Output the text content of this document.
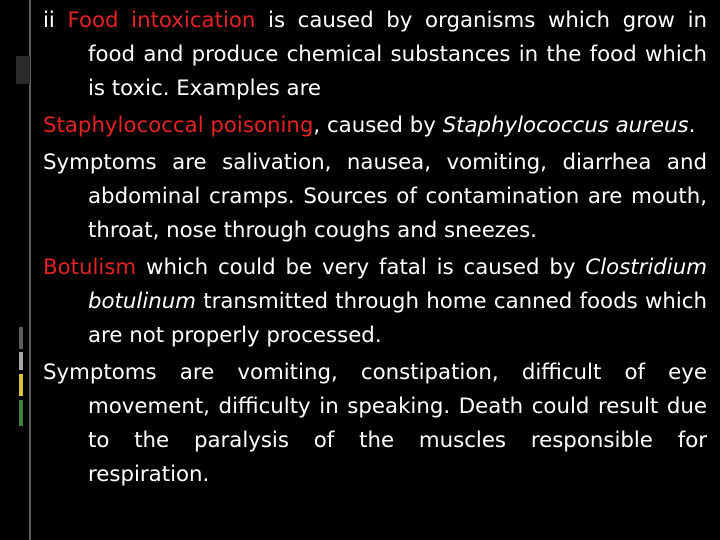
ii Food intoxication is caused by organisms which grow in food and produce chemical substances in the food which is toxic. Examples are

Staphylococcal poisoning, caused by Staphylococcus aureus.

Symptoms are salivation, nausea, vomiting, diarrhea and abdominal cramps. Sources of contamination are mouth, throat, nose through coughs and sneezes.

Botulism which could be very fatal is caused by Clostridium botulinum transmitted through home canned foods which are not properly processed.

Symptoms are vomiting, constipation, difficult of eye movement, difficulty in speaking. Death could result due to the paralysis of the muscles responsible for respiration.
